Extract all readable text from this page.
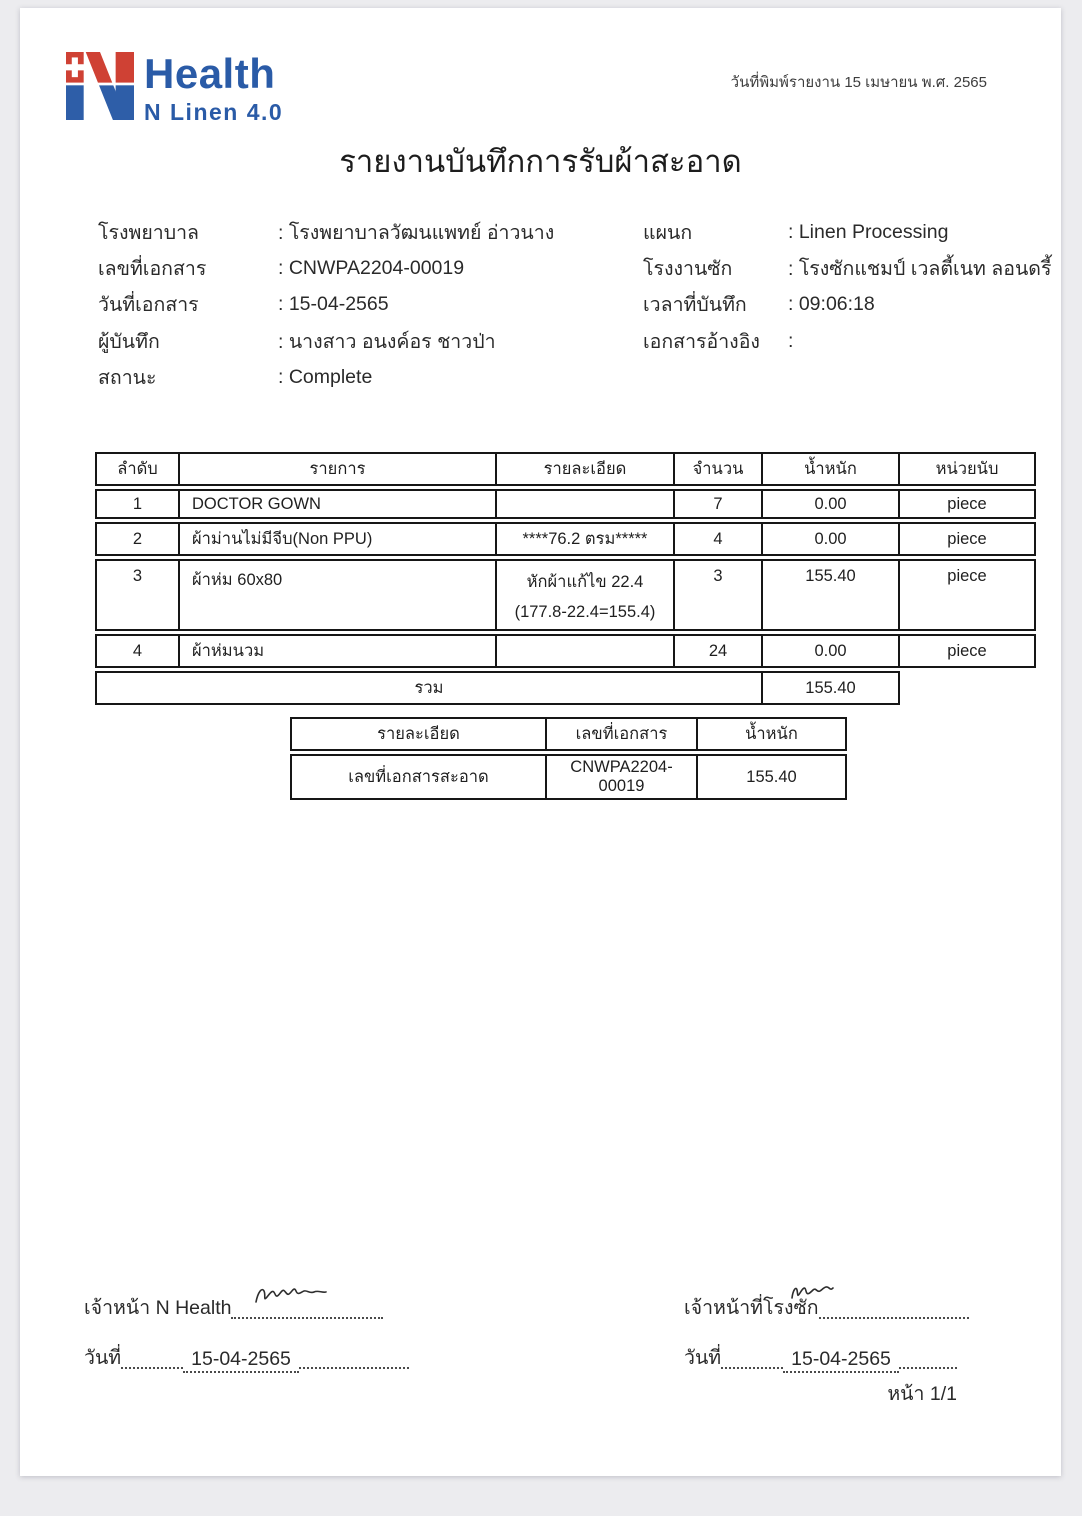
Health
N Linen 4.0
วันที่พิมพ์รายงาน 15 เมษายน พ.ศ. 2565
รายงานบันทึกการรับผ้าสะอาด
โรงพยาบาล	: โรงพยาบาลวัฒนแพทย์ อ่าวนาง
เลขที่เอกสาร	: CNWPA2204-00019
วันที่เอกสาร	: 15-04-2565
ผู้บันทึก	: นางสาว อนงค์อร ชาวป่า
สถานะ	: Complete
แผนก	: Linen Processing
โรงงานซัก	: โรงซักแชมป์ เวลตี้เนท ลอนดรี้
เวลาที่บันทึก	: 09:06:18
เอกสารอ้างอิง	:
ลำดับ	รายการ	รายละเอียด	จำนวน	น้ำหนัก	หน่วยนับ
1	DOCTOR GOWN		7	0.00	piece
2	ผ้าม่านไม่มีจีบ(Non PPU)	****76.2 ตรม*****	4	0.00	piece
3	ผ้าห่ม 60x80	หักผ้าแก้ไข 22.4
(177.8-22.4=155.4)	3	155.40	piece
4	ผ้าห่มนวม		24	0.00	piece
รวม				155.40	
รายละเอียด	เลขที่เอกสาร	น้ำหนัก
เลขที่เอกสารสะอาด	CNWPA2204-00019	155.40
เจ้าหน้า N Health
วันที่	15-04-2565
เจ้าหน้าที่โรงซัก
วันที่	15-04-2565
หน้า 1/1
